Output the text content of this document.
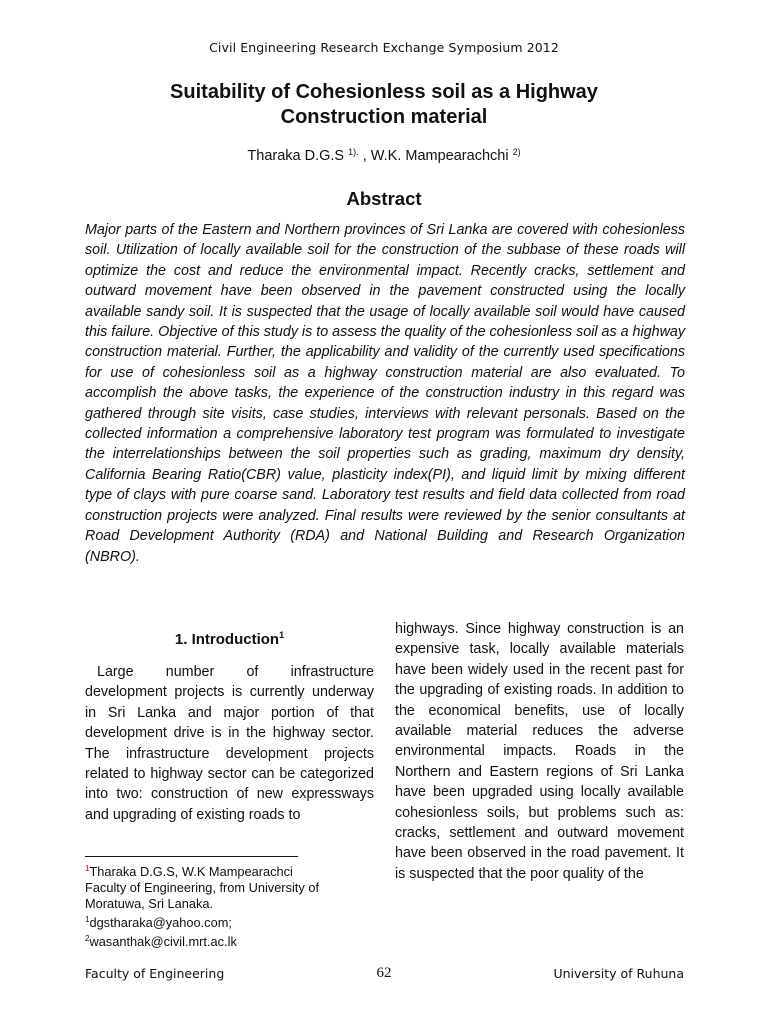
Civil Engineering Research Exchange Symposium 2012
Suitability of Cohesionless soil as a Highway
Construction material
Tharaka D.G.S $^{1).}$ , W.K. Mampearachchi $^{2)}$
Abstract

Major parts of the Eastern and Northern provinces of Sri Lanka are covered with cohesionless soil. Utilization of locally available soil for the construction of the subbase of these roads will optimize the cost and reduce the environmental impact. Recently cracks, settlement and outward movement have been observed in the pavement constructed using the locally available sandy soil. It is suspected that the usage of locally available soil would have caused this failure. Objective of this study is to assess the quality of the cohesionless soil as a highway construction material. Further, the applicability and validity of the currently used specifications for use of cohesionless soil as a highway construction material are also evaluated. To accomplish the above tasks, the experience of the construction industry in this regard was gathered through site visits, case studies, interviews with relevant personals. Based on the collected information a comprehensive laboratory test program was formulated to investigate the interrelationships between the soil properties such as grading, maximum dry density, California Bearing Ratio(CBR) value, plasticity index(PI), and liquid limit by mixing different type of clays with pure coarse sand. Laboratory test results and field data collected from road construction projects were analyzed. Final results were reviewed by the senior consultants at Road Development Authority (RDA) and National Building and Research Organization (NBRO).

1. Introduction$^1$

Large number of infrastructure development projects is currently underway in Sri Lanka and major portion of that development drive is in the highway sector. The infrastructure development projects related to highway sector can be categorized into two: construction of new expressways and upgrading of existing roads to

$^1$Tharaka D.G.S, W.K Mampearachci

Faculty of Engineering, from University of

Moratuwa, Sri Lanaka.

$^1$dgstharaka@yahoo.com;

$^2$wasanthak@civil.mrt.ac.lk

highways. Since highway construction is an expensive task, locally available materials have been widely used in the recent past for the upgrading of existing roads. In addition to the economical benefits, use of locally available material reduces the adverse environmental impacts. Roads in the Northern and Eastern regions of Sri Lanka have been upgraded using locally available cohesionless soils, but problems such as: cracks, settlement and outward movement have been observed in the road pavement. It is suspected that the poor quality of the

Faculty of Engineering	62	University of Ruhuna
